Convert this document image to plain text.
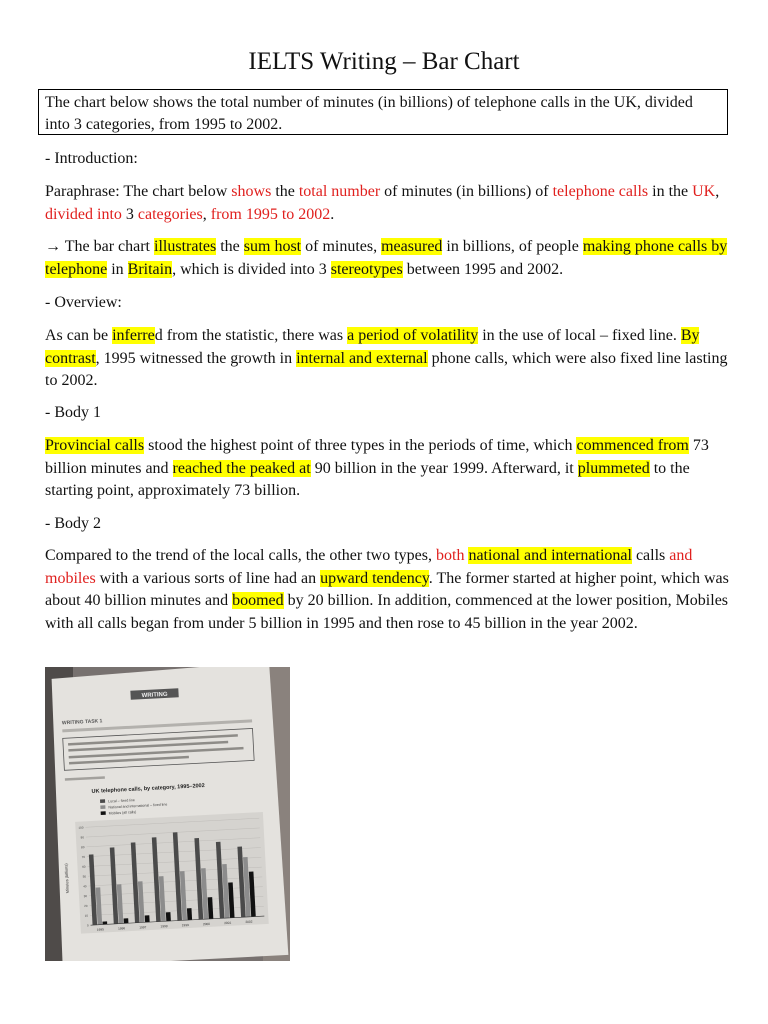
IELTS Writing – Bar Chart
The chart below shows the total number of minutes (in billions) of telephone calls in the UK, divided into 3 categories, from 1995 to 2002.
- Introduction:
Paraphrase: The chart below shows the total number of minutes (in billions) of telephone calls in the UK, divided into 3 categories, from 1995 to 2002.
→ The bar chart illustrates the sum host of minutes, measured in billions, of people making phone calls by telephone in Britain, which is divided into 3 stereotypes between 1995 and 2002.
- Overview:
As can be inferred from the statistic, there was a period of volatility in the use of local – fixed line. By contrast, 1995 witnessed the growth in internal and external phone calls, which were also fixed line lasting to 2002.
- Body 1
Provincial calls stood the highest point of three types in the periods of time, which commenced from 73 billion minutes and reached the peaked at 90 billion in the year 1999. Afterward, it plummeted to the starting point, approximately 73 billion.
- Body 2
Compared to the trend of the local calls, the other two types, both national and international calls and mobiles with a various sorts of line had an upward tendency. The former started at higher point, which was about 40 billion minutes and boomed by 20 billion. In addition, commenced at the lower position, Mobiles with all calls began from under 5 billion in 1995 and then rose to 45 billion in the year 2002.
WRITING
WRITING TASK 1
UK telephone calls, by category, 1995–2002
Local – fixed line
National and international – fixed line
Mobiles (all calls)
0
10
20
30
40
50
60
70
80
90
100
1995	1996	1997	1998	1999	2000	2001	2002
Minutes (billions)
